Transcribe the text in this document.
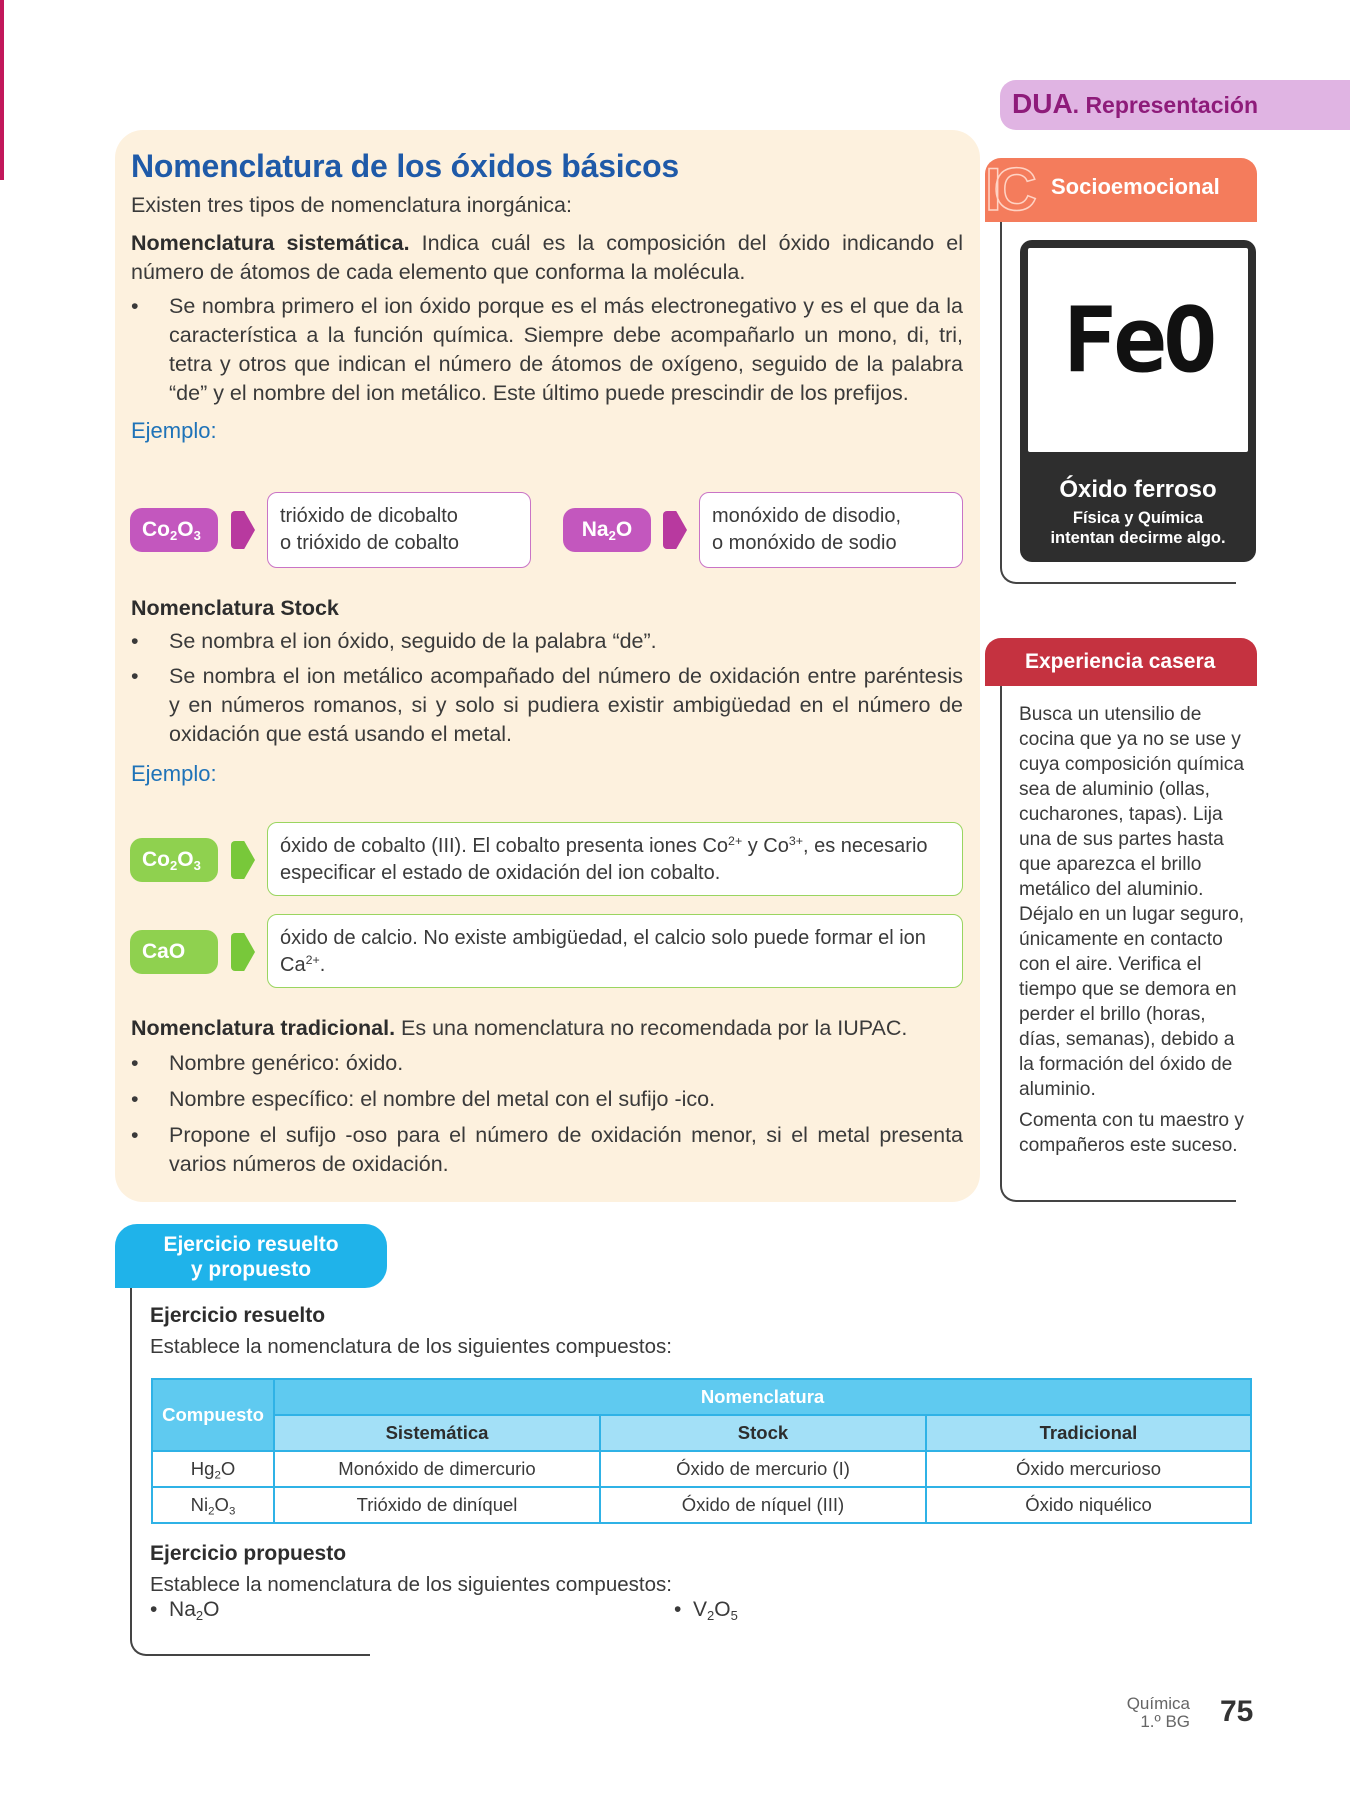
DUA. Representación
Nomenclatura de los óxidos básicos
Existen tres tipos de nomenclatura inorgánica:
Nomenclatura sistemática. Indica cuál es la composición del óxido indicando el número de átomos de cada elemento que conforma la molécula.
• Se nombra primero el ion óxido porque es el más electronegativo y es el que da la característica a la función química. Siempre debe acompañarlo un mono, di, tri, tetra y otros que indican el número de átomos de oxígeno, seguido de la palabra “de” y el nombre del ion metálico. Este último puede prescindir de los prefijos.
Ejemplo:
$Co_2O_3$
trióxido de dicobalto
o trióxido de cobalto
$Na_2O$
monóxido de disodio,
o monóxido de sodio
Nomenclatura Stock
• Se nombra el ion óxido, seguido de la palabra “de”.
• Se nombra el ion metálico acompañado del número de oxidación entre paréntesis y en números romanos, si y solo si pudiera existir ambigüedad en el número de oxidación que está usando el metal.
Ejemplo:
$Co_2O_3$
óxido de cobalto (III). El cobalto presenta iones $Co^{2+}$ y $Co^{3+}$, es necesario especificar el estado de oxidación del ion cobalto.
CaO
óxido de calcio. No existe ambigüedad, el calcio solo puede formar el ion $Ca^{2+}$.
Nomenclatura tradicional. Es una nomenclatura no recomendada por la IUPAC.
• Nombre genérico: óxido.
• Nombre específico: el nombre del metal con el sufijo -ico.
• Propone el sufijo -oso para el número de oxidación menor, si el metal presenta varios números de oxidación.
IC Socioemocional
FeO
Óxido ferroso
Física y Química
intentan decirme algo.
Experiencia casera
Busca un utensilio de cocina que ya no se use y cuya composición química sea de aluminio (ollas, cucharones, tapas). Lija una de sus partes hasta que aparezca el brillo metálico del aluminio. Déjalo en un lugar seguro, únicamente en contacto con el aire. Verifica el tiempo que se demora en perder el brillo (horas, días, semanas), debido a la formación del óxido de aluminio.
Comenta con tu maestro y compañeros este suceso.
Ejercicio resuelto
y propuesto
Ejercicio resuelto
Establece la nomenclatura de los siguientes compuestos:
Compuesto	Nomenclatura		
	Sistemática	Stock	Tradicional
$Hg_2O$	Monóxido de dimercurio	Óxido de mercurio (I)	Óxido mercurioso
$Ni_2O_3$	Trióxido de diníquel	Óxido de níquel (III)	Óxido niquélico
Ejercicio propuesto
Establece la nomenclatura de los siguientes compuestos:
•  $Na_2O$	•  $V_2O_5$
Química
1.º BG 75
